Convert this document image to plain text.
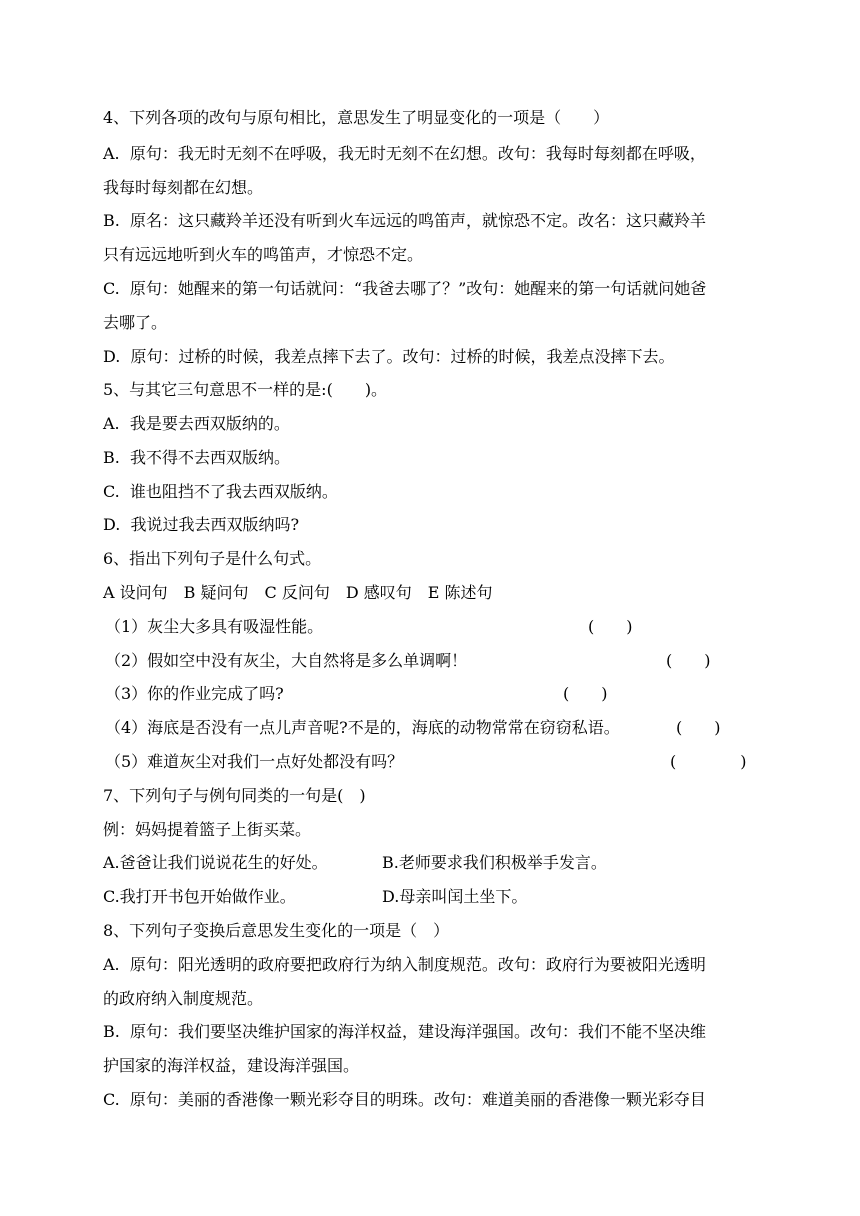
4、下列各项的改句与原句相比，意思发生了明显变化的一项是（　　）
A.  原句：我无时无刻不在呼吸，我无时无刻不在幻想。改句：我每时每刻都在呼吸，
我每时每刻都在幻想。
B.  原名：这只藏羚羊还没有听到火车远远的鸣笛声，就惊恐不定。改名：这只藏羚羊
只有远远地听到火车的鸣笛声，才惊恐不定。
C.  原句：她醒来的第一句话就问：“我爸去哪了？”改句：她醒来的第一句话就问她爸
去哪了。
D.  原句：过桥的时候，我差点摔下去了。改句：过桥的时候，我差点没摔下去。
5、与其它三句意思不一样的是:(　　)。
A.  我是要去西双版纳的。
B.  我不得不去西双版纳。
C.  谁也阻挡不了我去西双版纳。
D.  我说过我去西双版纳吗?
6、指出下列句子是什么句式。
A 设问句　B 疑问句　C 反问句　D 感叹句　E 陈述句
（1）灰尘大多具有吸湿性能。	(　　)
（2）假如空中没有灰尘，大自然将是多么单调啊！	(　　)
（3）你的作业完成了吗?	(　　)
（4）海底是否没有一点儿声音呢?不是的，海底的动物常常在窃窃私语。	(　　)
（5）难道灰尘对我们一点好处都没有吗？	(　　　　)
7、下列句子与例句同类的一句是(　)
例：妈妈提着篮子上街买菜。
A.爸爸让我们说说花生的好处。	B.老师要求我们积极举手发言。
C.我打开书包开始做作业。	D.母亲叫闰土坐下。
8、下列句子变换后意思发生变化的一项是（　）
A.  原句：阳光透明的政府要把政府行为纳入制度规范。改句：政府行为要被阳光透明
的政府纳入制度规范。
B.  原句：我们要坚决维护国家的海洋权益，建设海洋强国。改句：我们不能不坚决维
护国家的海洋权益，建设海洋强国。
C.  原句：美丽的香港像一颗光彩夺目的明珠。改句：难道美丽的香港像一颗光彩夺目
